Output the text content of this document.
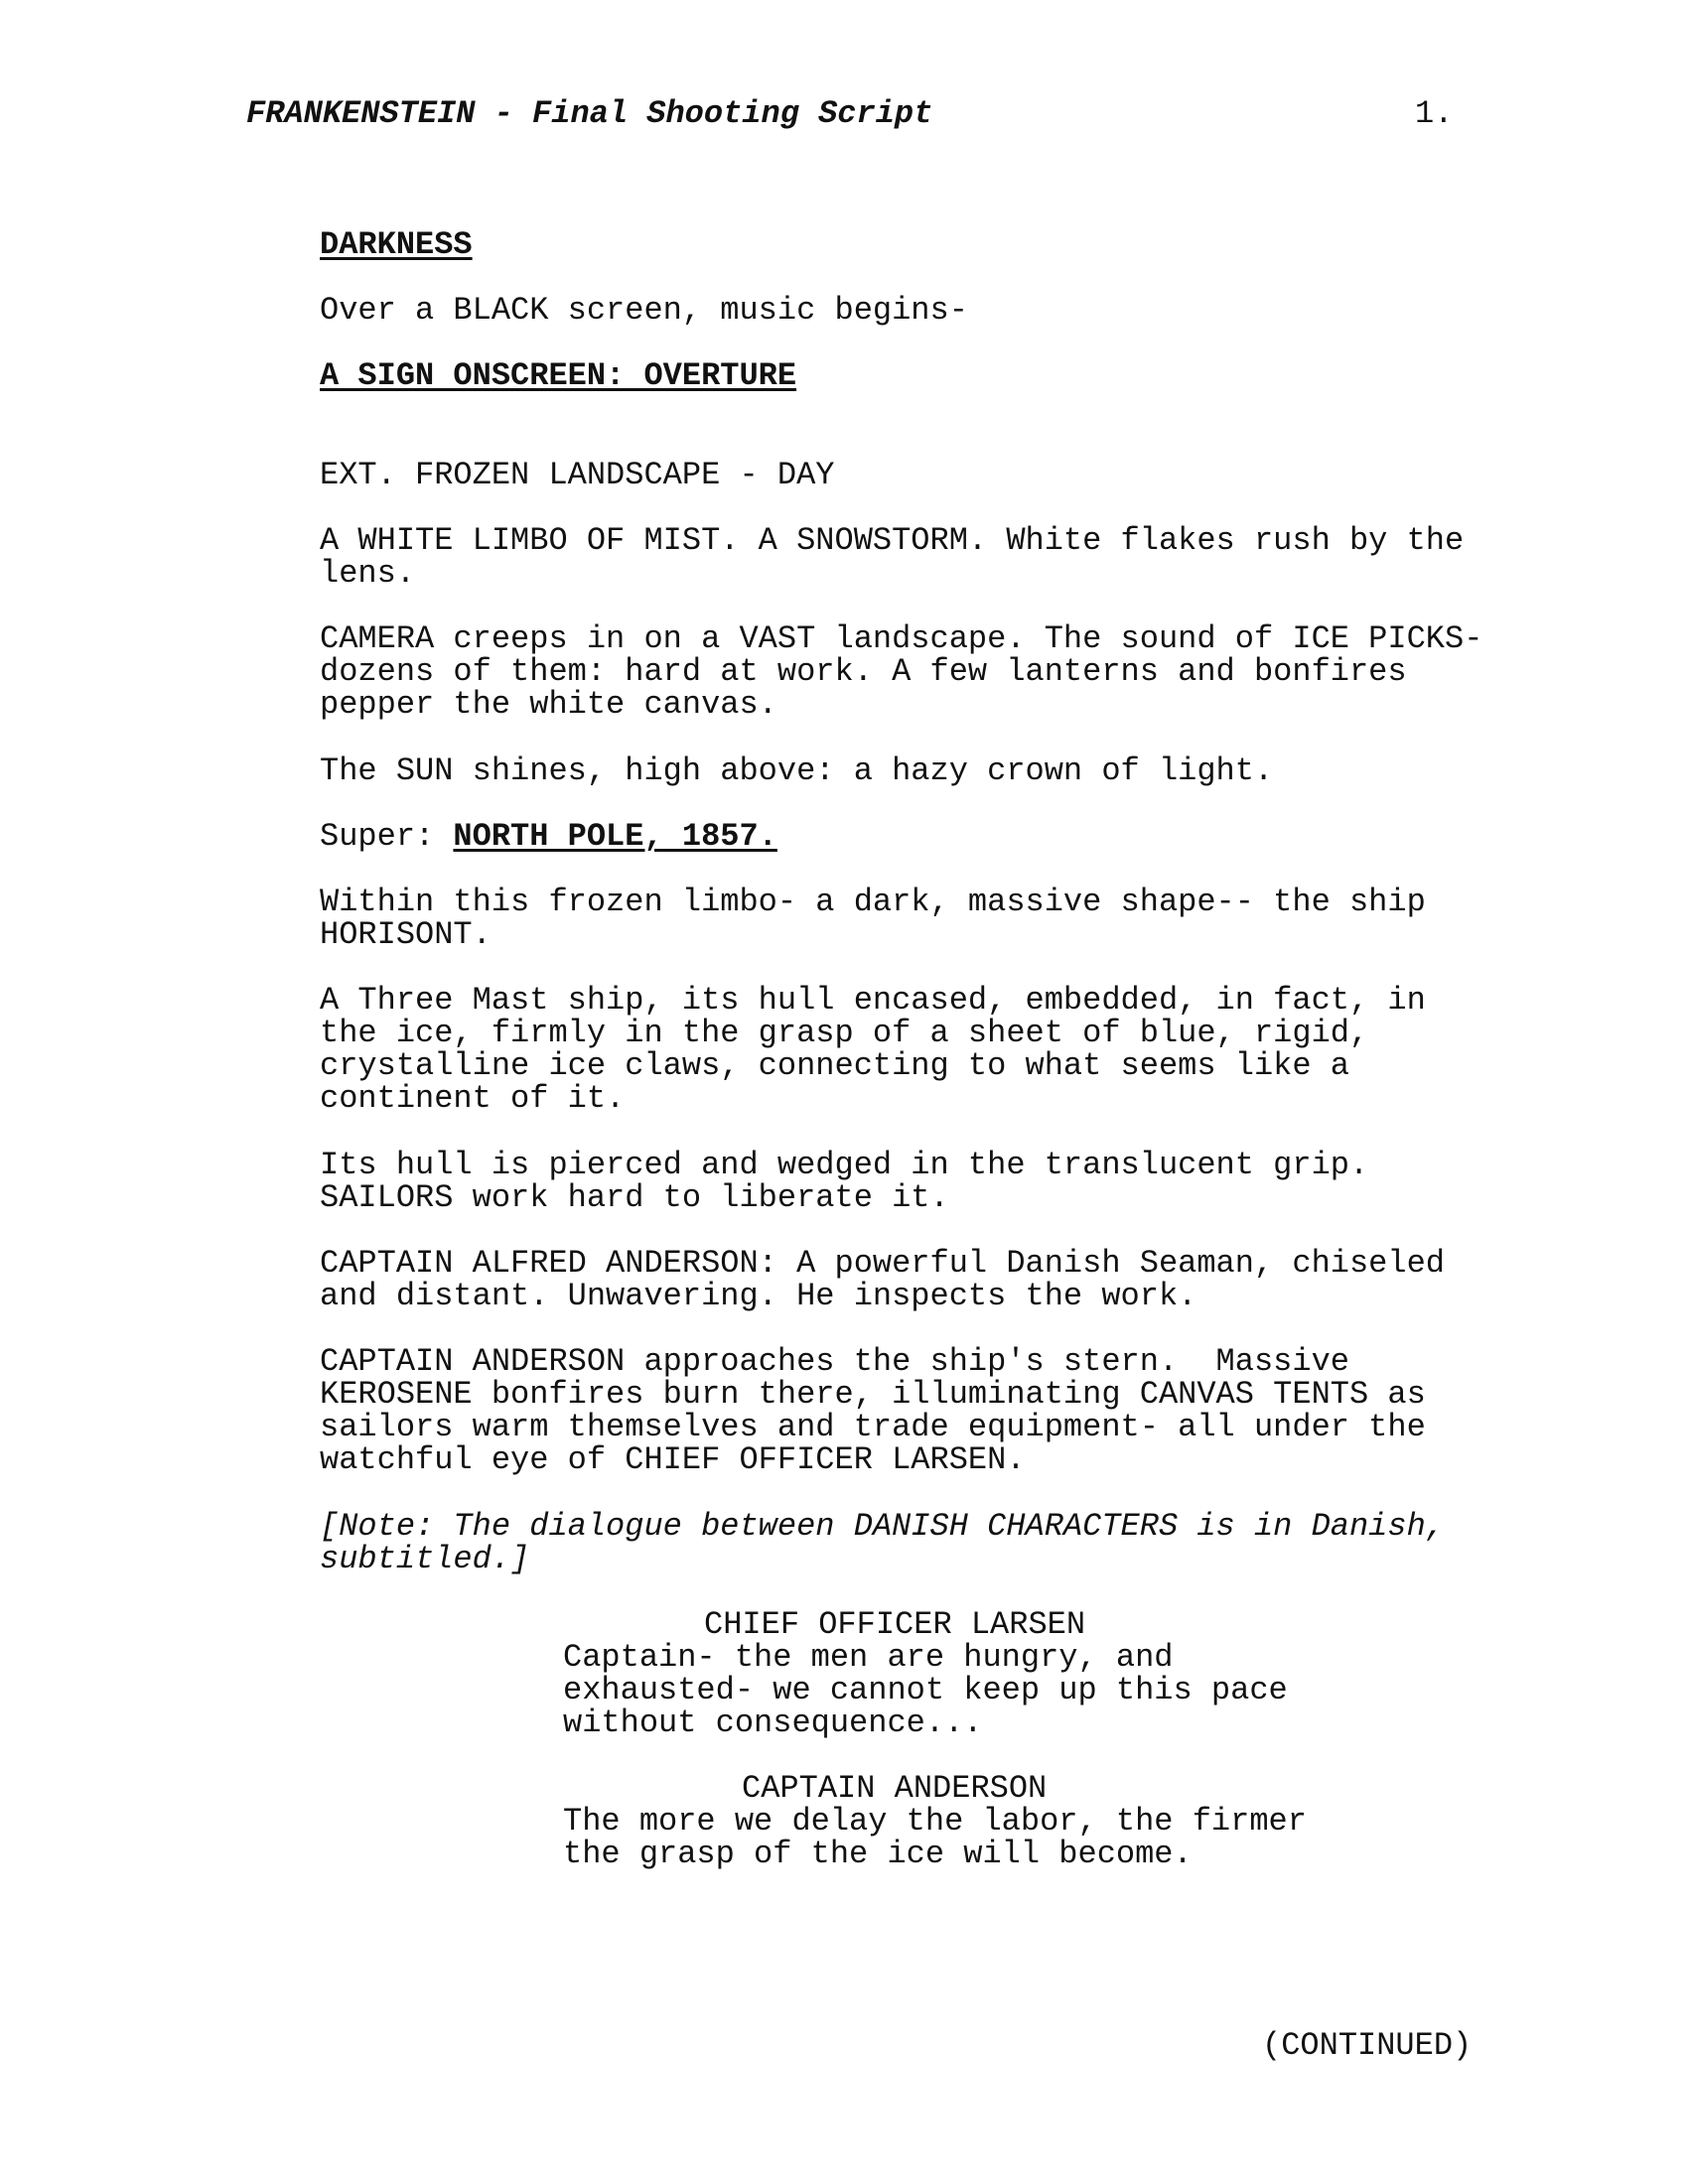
FRANKENSTEIN - Final Shooting Script	1.
DARKNESS
Over a BLACK screen, music begins-
A SIGN ONSCREEN: OVERTURE
EXT. FROZEN LANDSCAPE - DAY
A WHITE LIMBO OF MIST. A SNOWSTORM. White flakes rush by the
lens.
CAMERA creeps in on a VAST landscape. The sound of ICE PICKS-
dozens of them: hard at work. A few lanterns and bonfires
pepper the white canvas.
The SUN shines, high above: a hazy crown of light.
Super: NORTH POLE, 1857.
Within this frozen limbo- a dark, massive shape-- the ship
HORISONT.
A Three Mast ship, its hull encased, embedded, in fact, in
the ice, firmly in the grasp of a sheet of blue, rigid,
crystalline ice claws, connecting to what seems like a
continent of it.
Its hull is pierced and wedged in the translucent grip.
SAILORS work hard to liberate it.
CAPTAIN ALFRED ANDERSON: A powerful Danish Seaman, chiseled
and distant. Unwavering. He inspects the work.
CAPTAIN ANDERSON approaches the ship's stern.  Massive
KEROSENE bonfires burn there, illuminating CANVAS TENTS as
sailors warm themselves and trade equipment- all under the
watchful eye of CHIEF OFFICER LARSEN.
[Note: The dialogue between DANISH CHARACTERS is in Danish,
subtitled.]
CHIEF OFFICER LARSEN
Captain- the men are hungry, and
exhausted- we cannot keep up this pace
without consequence...
CAPTAIN ANDERSON
The more we delay the labor, the firmer
the grasp of the ice will become.
(CONTINUED)
